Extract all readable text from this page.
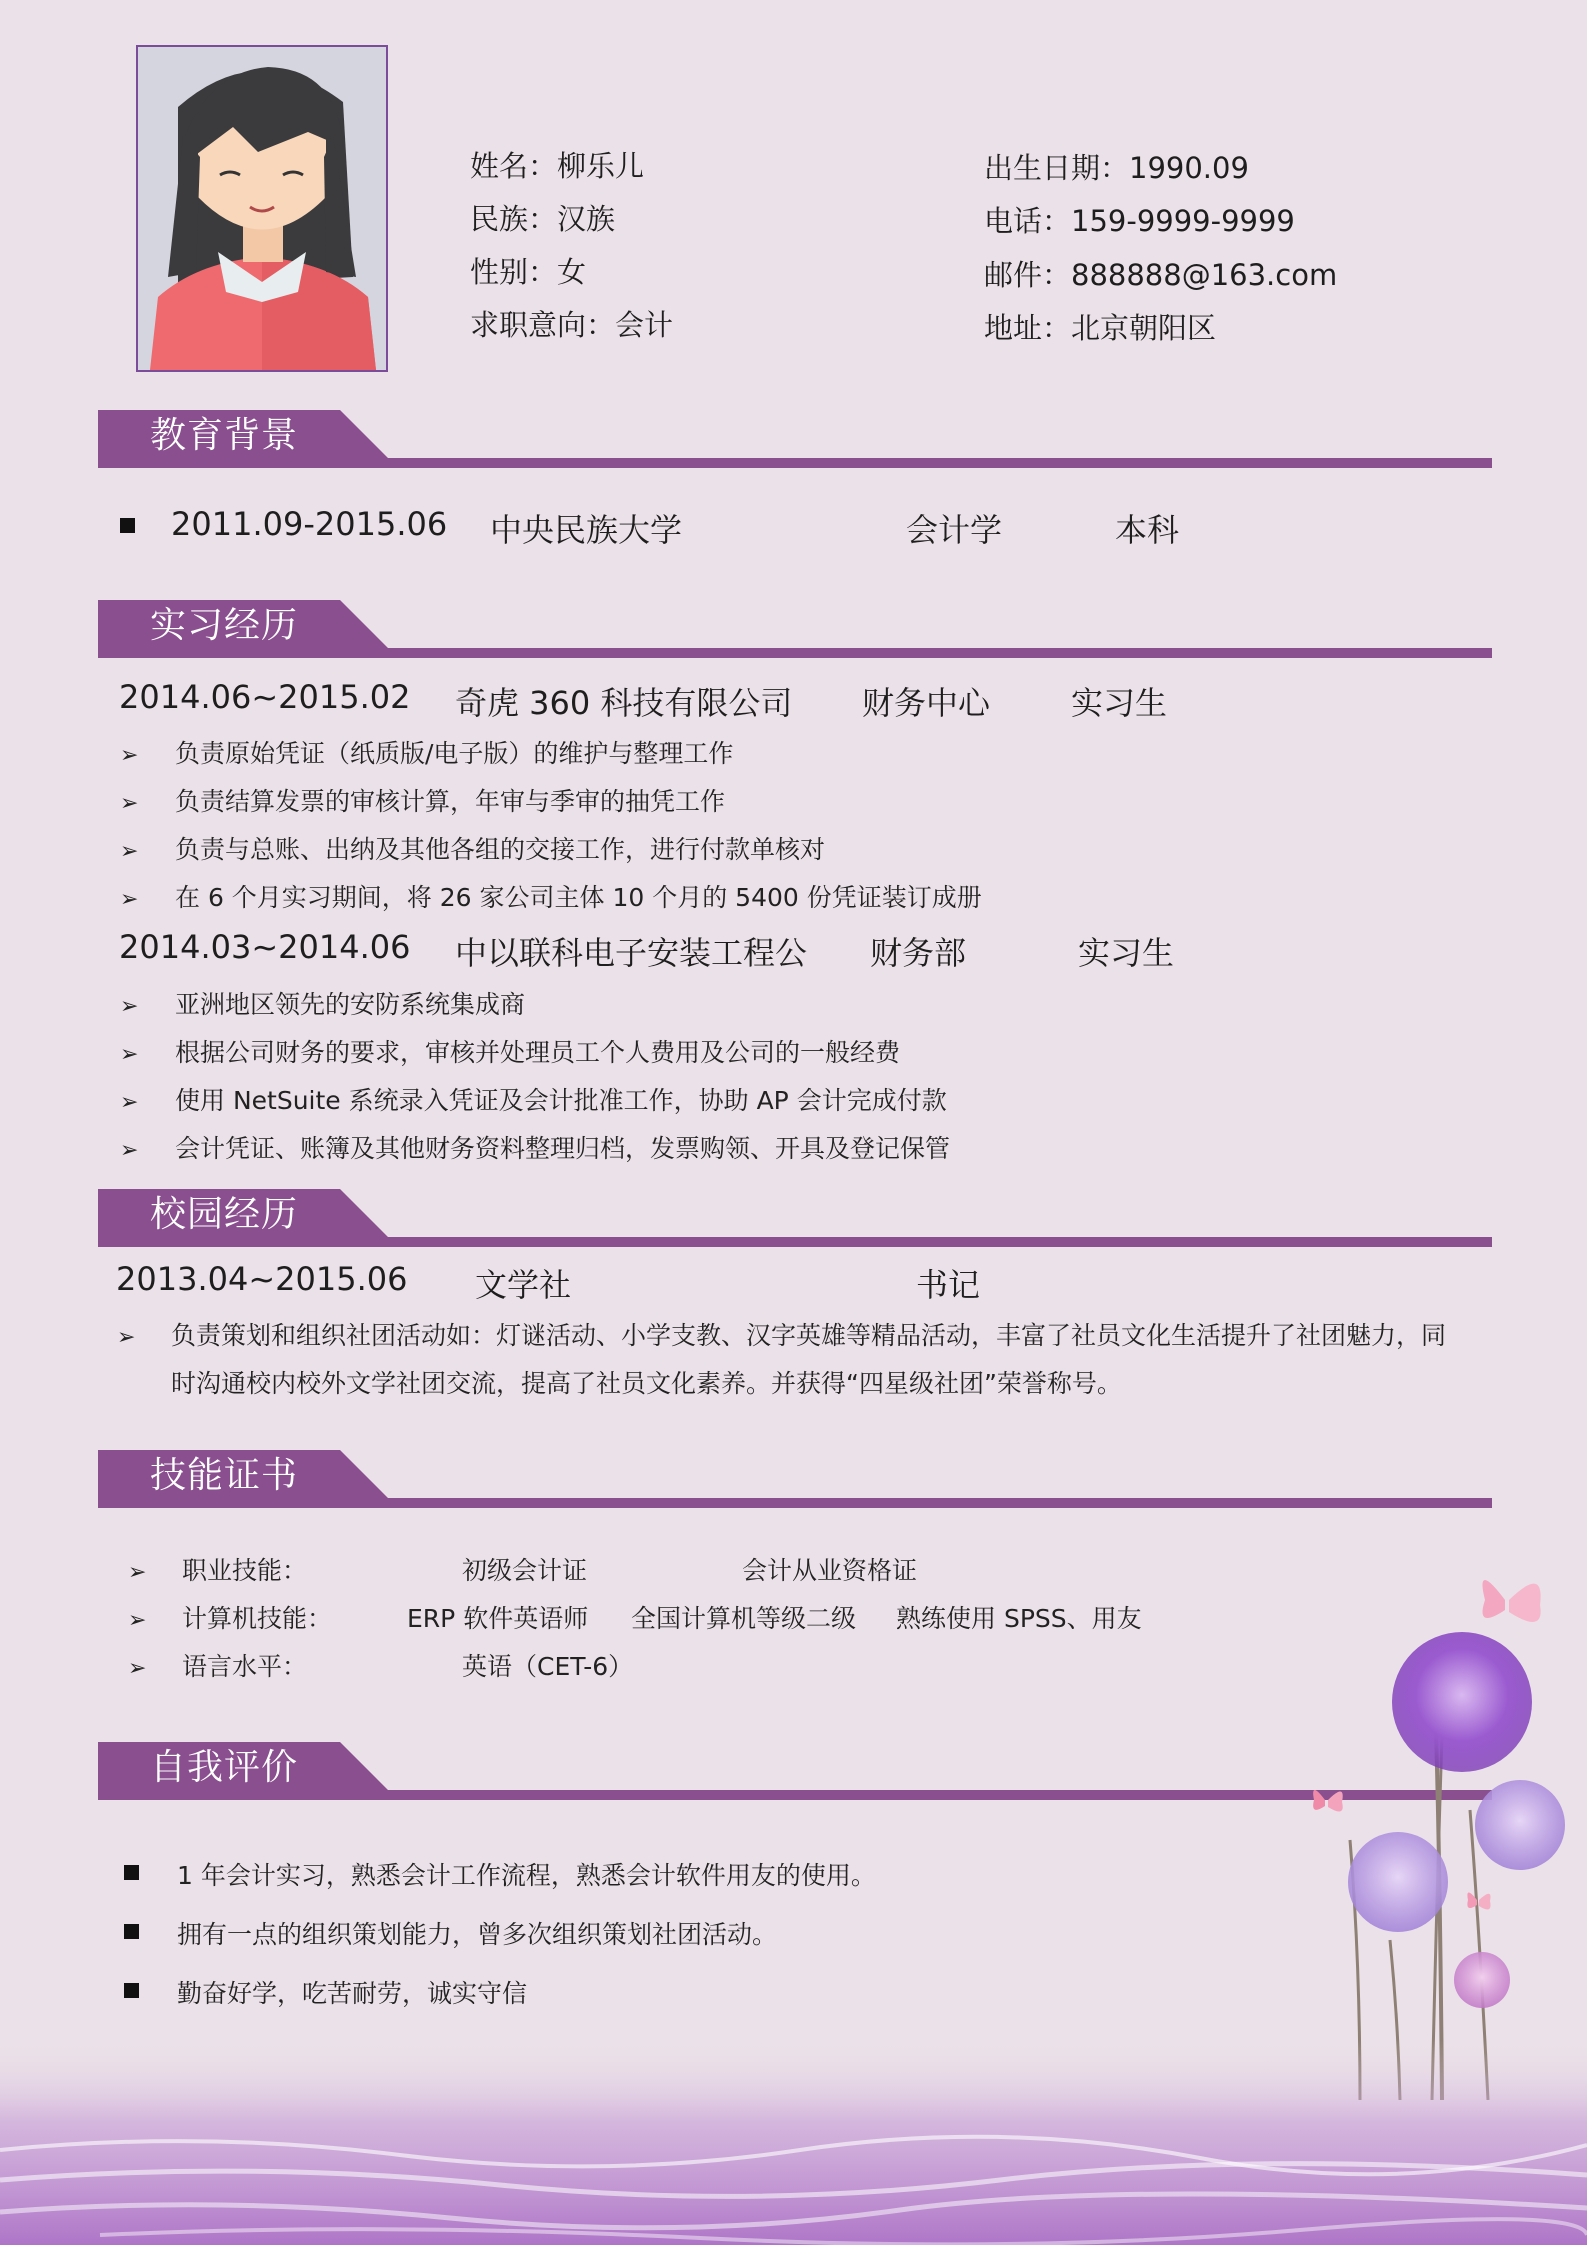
姓名：柳乐儿
民族：汉族
性别：女
求职意向：会计
出生日期：1990.09
电话：159-9999-9999
邮件：888888@163.com
地址：北京朝阳区
教育背景
2011.09-2015.06 中央民族大学	会计学	本科
实习经历
2014.06~2015.02 奇虎 360 科技有限公司 财务中心	实习生
➢ 负责原始凭证（纸质版/电子版）的维护与整理工作
➢ 负责结算发票的审核计算，年审与季审的抽凭工作
➢ 负责与总账、出纳及其他各组的交接工作，进行付款单核对
➢ 在 6 个月实习期间，将 26 家公司主体 10 个月的 5400 份凭证装订成册
2014.03~2014.06 中以联科电子安装工程公 财务部	实习生
➢ 亚洲地区领先的安防系统集成商
➢ 根据公司财务的要求，审核并处理员工个人费用及公司的一般经费
➢ 使用 NetSuite 系统录入凭证及会计批准工作，协助 AP 会计完成付款
➢ 会计凭证、账簿及其他财务资料整理归档，发票购领、开具及登记保管
校园经历
2013.04~2015.06 文学社	书记
➢ 负责策划和组织社团活动如：灯谜活动、小学支教、汉字英雄等精品活动，丰富了社员文化生活提升了社团魅力，同
时沟通校内校外文学社团交流，提高了社员文化素养。并获得“四星级社团”荣誉称号。
技能证书
➢ 职业技能：	初级会计证	会计从业资格证
➢ 计算机技能：	ERP 软件英语师 全国计算机等级二级 熟练使用 SPSS、用友
➢ 语言水平：	英语（CET-6）
自我评价
1 年会计实习，熟悉会计工作流程，熟悉会计软件用友的使用。
拥有一点的组织策划能力，曾多次组织策划社团活动。
勤奋好学，吃苦耐劳，诚实守信
